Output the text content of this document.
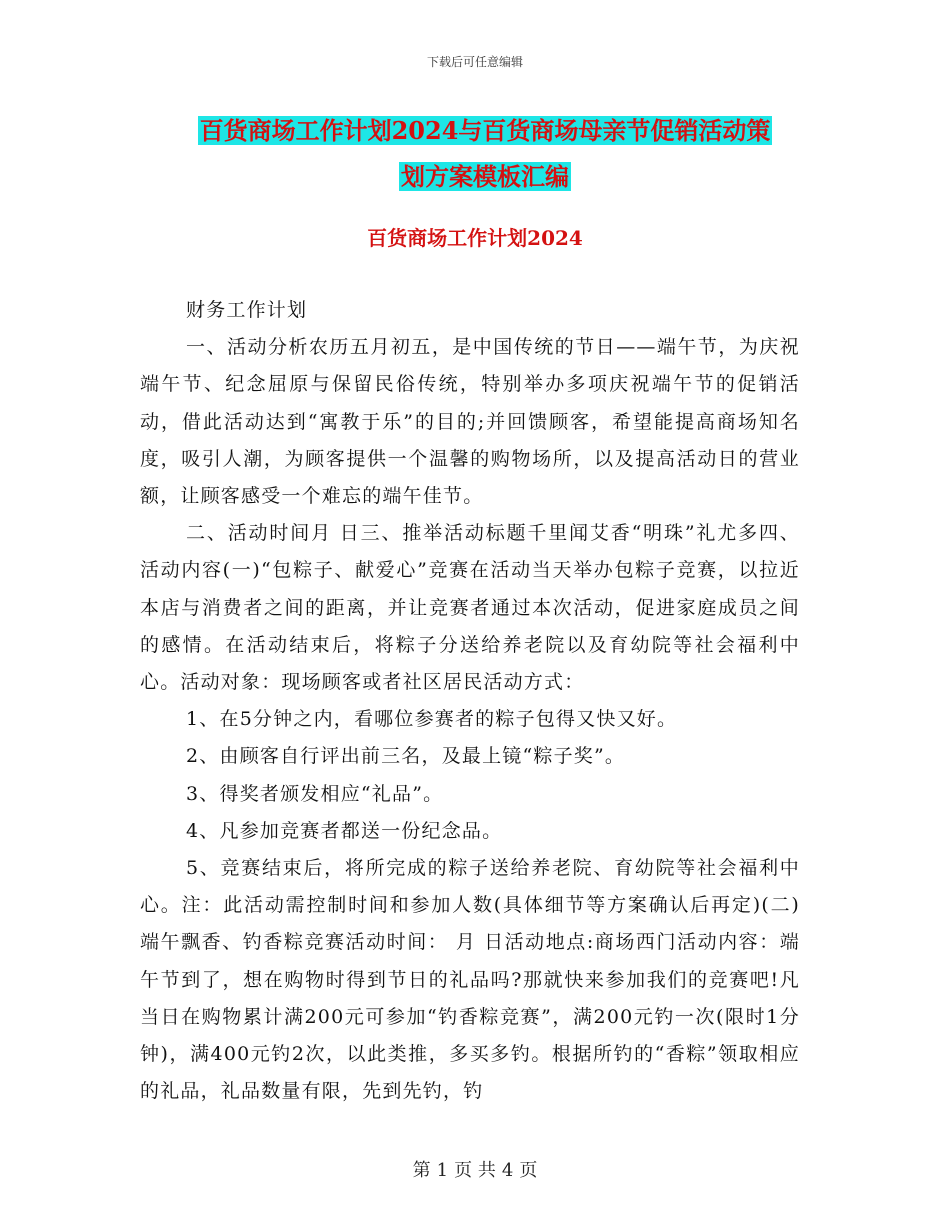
下载后可任意编辑
百货商场工作计划2024与百货商场母亲节促销活动策
划方案模板汇编
百货商场工作计划2024

财务工作计划

一、活动分析农历五月初五，是中国传统的节日——端午节，为庆祝端午节、纪念屈原与保留民俗传统，特别举办多项庆祝端午节的促销活动，借此活动达到“寓教于乐”的目的;并回馈顾客，希望能提高商场知名度，吸引人潮，为顾客提供一个温馨的购物场所，以及提高活动日的营业额，让顾客感受一个难忘的端午佳节。

二、活动时间月 日三、推举活动标题千里闻艾香“明珠”礼尤多四、活动内容(一)“包粽子、献爱心”竞赛在活动当天举办包粽子竞赛，以拉近本店与消费者之间的距离，并让竞赛者通过本次活动，促进家庭成员之间的感情。在活动结束后，将粽子分送给养老院以及育幼院等社会福利中心。活动对象：现场顾客或者社区居民活动方式：

1、在5分钟之内，看哪位参赛者的粽子包得又快又好。

2、由顾客自行评出前三名，及最上镜“粽子奖”。

3、得奖者颁发相应“礼品”。

4、凡参加竞赛者都送一份纪念品。

5、竞赛结束后，将所完成的粽子送给养老院、育幼院等社会福利中心。注：此活动需控制时间和参加人数(具体细节等方案确认后再定)(二)端午飘香、钓香粽竞赛活动时间： 月 日活动地点:商场西门活动内容：端午节到了，想在购物时得到节日的礼品吗?那就快来参加我们的竞赛吧!凡当日在购物累计满200元可参加“钓香粽竞赛”，满200元钓一次(限时1分钟)，满400元钓2次，以此类推，多买多钓。根据所钓的“香粽”领取相应的礼品，礼品数量有限，先到先钓，钓

第 1 页 共 4 页
